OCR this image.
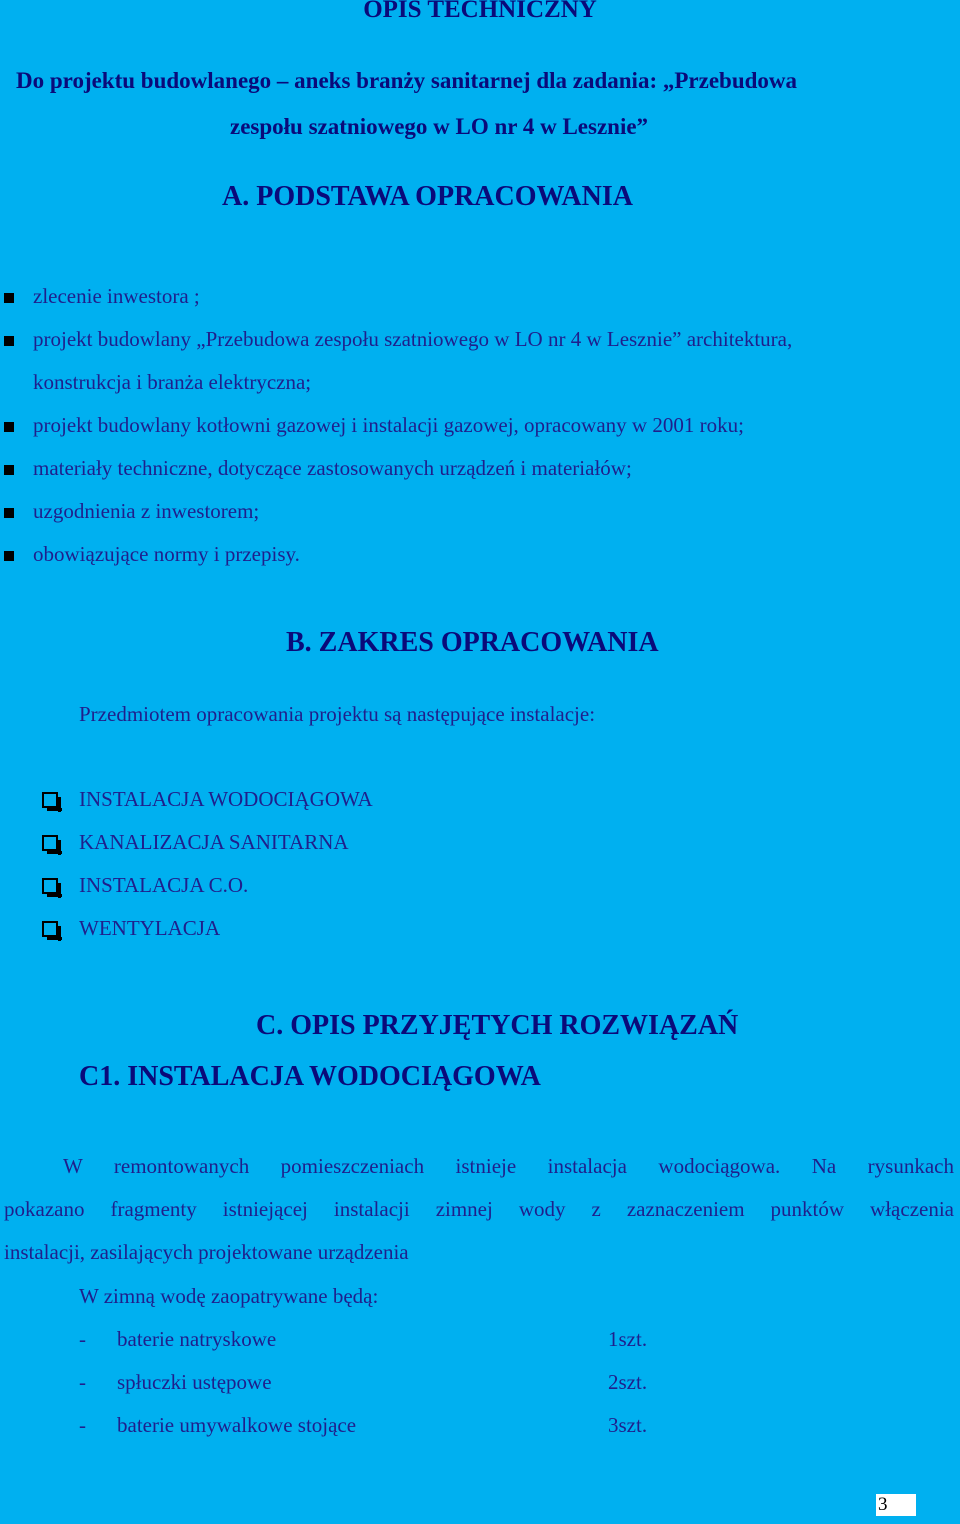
OPIS TECHNICZNY
Do projektu budowlanego – aneks branży sanitarnej dla zadania: „Przebudowa
zespołu szatniowego w LO nr 4 w Lesznie”
A. PODSTAWA OPRACOWANIA
zlecenie inwestora ;
projekt budowlany „Przebudowa zespołu szatniowego w LO nr 4 w Lesznie” architektura,
konstrukcja i branża elektryczna;
projekt budowlany kotłowni gazowej i instalacji gazowej, opracowany w 2001 roku;
materiały techniczne, dotyczące zastosowanych urządzeń i materiałów;
uzgodnienia z inwestorem;
obowiązujące normy i przepisy.
B. ZAKRES OPRACOWANIA
Przedmiotem opracowania projektu są następujące instalacje:
INSTALACJA WODOCIĄGOWA
KANALIZACJA SANITARNA
INSTALACJA C.O.
WENTYLACJA
C. OPIS PRZYJĘTYCH ROZWIĄZAŃ
C1. INSTALACJA WODOCIĄGOWA
W remontowanych pomieszczeniach istnieje instalacja wodociągowa. Na rysunkach
pokazano fragmenty istniejącej instalacji zimnej wody z zaznaczeniem punktów włączenia
instalacji, zasilających projektowane urządzenia
W zimną wodę zaopatrywane będą:
- baterie natryskowe	1szt.
- spłuczki ustępowe	2szt.
- baterie umywalkowe stojące	3szt.
3
